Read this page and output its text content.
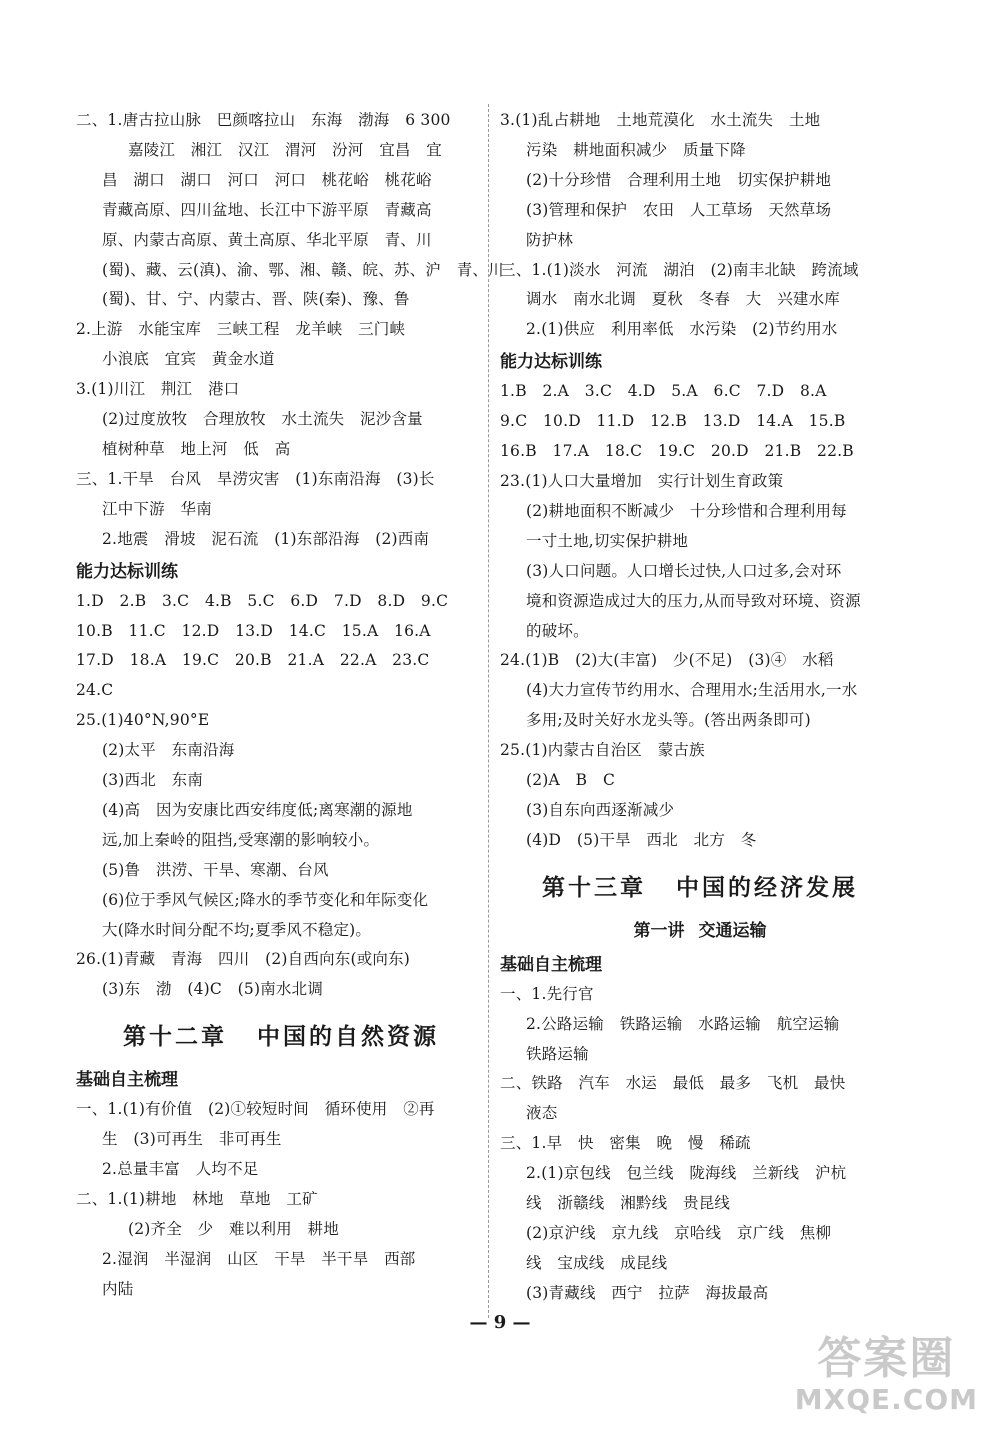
二、1.唐古拉山脉　巴颜喀拉山　东海　渤海　6 300
嘉陵江　湘江　汉江　渭河　汾河　宜昌　宜
昌　湖口　湖口　河口　河口　桃花峪　桃花峪
青藏高原、四川盆地、长江中下游平原　青藏高
原、内蒙古高原、黄土高原、华北平原　青、川
(蜀)、藏、云(滇)、渝、鄂、湘、赣、皖、苏、沪　青、川
(蜀)、甘、宁、内蒙古、晋、陕(秦)、豫、鲁
2.上游　水能宝库　三峡工程　龙羊峡　三门峡
小浪底　宜宾　黄金水道
3.(1)川江　荆江　港口
(2)过度放牧　合理放牧　水土流失　泥沙含量
植树种草　地上河　低　高
三、1.干旱　台风　旱涝灾害　(1)东南沿海　(3)长
江中下游　华南
2.地震　滑坡　泥石流　(1)东部沿海　(2)西南
能力达标训练
1.D　2.B　3.C　4.B　5.C　6.D　7.D　8.D　9.C
10.B　11.C　12.D　13.D　14.C　15.A　16.A
17.D　18.A　19.C　20.B　21.A　22.A　23.C
24.C
25.(1)40°N,90°E
(2)太平　东南沿海
(3)西北　东南
(4)高　因为安康比西安纬度低;离寒潮的源地
远,加上秦岭的阻挡,受寒潮的影响较小。
(5)鲁　洪涝、干旱、寒潮、台风
(6)位于季风气候区;降水的季节变化和年际变化
大(降水时间分配不均;夏季风不稳定)。
26.(1)青藏　青海　四川　(2)自西向东(或向东)
(3)东　渤　(4)C　(5)南水北调
第十二章 中国的自然资源
基础自主梳理
一、1.(1)有价值　(2)①较短时间　循环使用　②再
生　(3)可再生　非可再生
2.总量丰富　人均不足
二、1.(1)耕地　林地　草地　工矿
(2)齐全　少　难以利用　耕地
2.湿润　半湿润　山区　干旱　半干旱　西部
内陆
3.(1)乱占耕地　土地荒漠化　水土流失　土地
污染　耕地面积减少　质量下降
(2)十分珍惜　合理利用土地　切实保护耕地
(3)管理和保护　农田　人工草场　天然草场
防护林
三、1.(1)淡水　河流　湖泊　(2)南丰北缺　跨流域
调水　南水北调　夏秋　冬春　大　兴建水库
2.(1)供应　利用率低　水污染　(2)节约用水
能力达标训练
1.B　2.A　3.C　4.D　5.A　6.C　7.D　8.A
9.C　10.D　11.D　12.B　13.D　14.A　15.B
16.B　17.A　18.C　19.C　20.D　21.B　22.B
23.(1)人口大量增加　实行计划生育政策
(2)耕地面积不断减少　十分珍惜和合理利用每
一寸土地,切实保护耕地
(3)人口问题。人口增长过快,人口过多,会对环
境和资源造成过大的压力,从而导致对环境、资源
的破坏。
24.(1)B　(2)大(丰富)　少(不足)　(3)④　水稻
(4)大力宣传节约用水、合理用水;生活用水,一水
多用;及时关好水龙头等。(答出两条即可)
25.(1)内蒙古自治区　蒙古族
(2)A　B　C
(3)自东向西逐渐减少
(4)D　(5)干旱　西北　北方　冬
第十三章 中国的经济发展
第一讲 交通运输
基础自主梳理
一、1.先行官
2.公路运输　铁路运输　水路运输　航空运输
铁路运输
二、铁路　汽车　水运　最低　最多　飞机　最快
液态
三、1.早　快　密集　晚　慢　稀疏
2.(1)京包线　包兰线　陇海线　兰新线　沪杭
线　浙赣线　湘黔线　贵昆线
(2)京沪线　京九线　京哈线　京广线　焦柳
线　宝成线　成昆线
(3)青藏线　西宁　拉萨　海拔最高
— 9 —
答案圈
MXQE.COM
